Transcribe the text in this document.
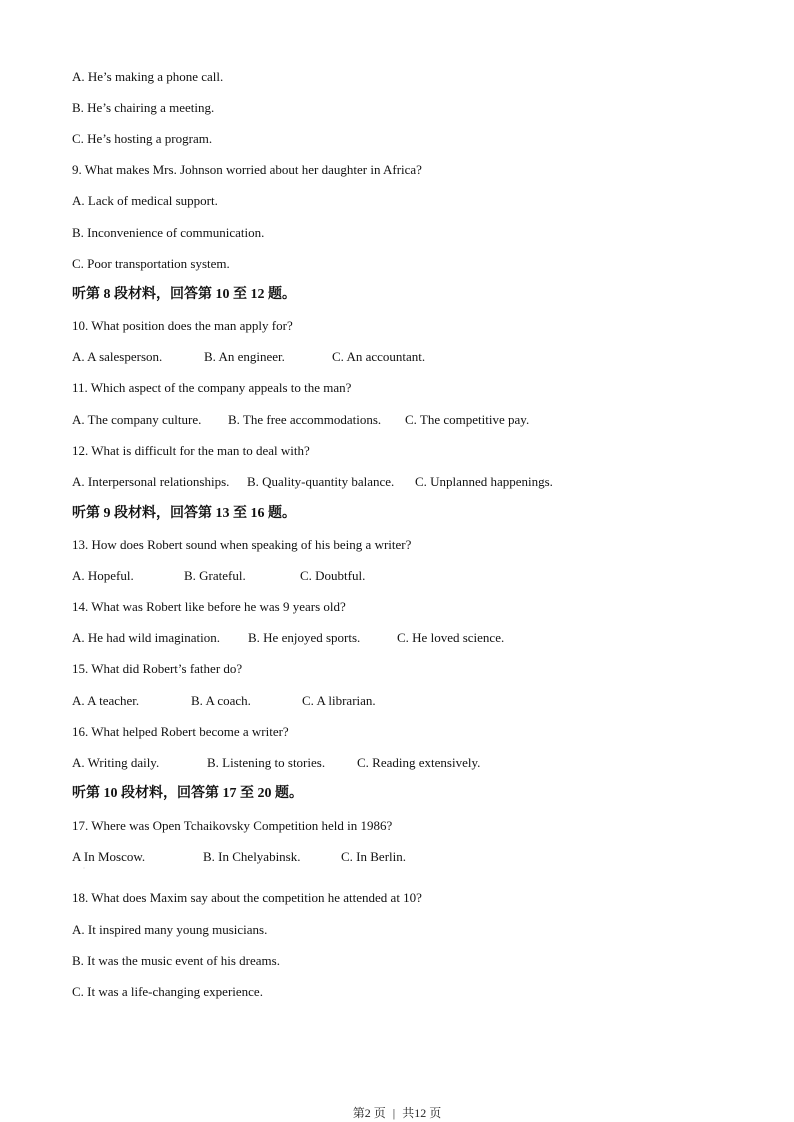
A. He’s making a phone call.
B. He’s chairing a meeting.
C. He’s hosting a program.
9. What makes Mrs. Johnson worried about her daughter in Africa?
A. Lack of medical support.
B. Inconvenience of communication.
C. Poor transportation system.
听第 8 段材料，回答第 10 至 12 题。
10. What position does the man apply for?
A. A salesperson.	B. An engineer.	C. An accountant.
11. Which aspect of the company appeals to the man?
A. The company culture. B. The free accommodations. C. The competitive pay.
12. What is difficult for the man to deal with?
A. Interpersonal relationships. B. Quality-quantity balance. C. Unplanned happenings.
听第 9 段材料，回答第 13 至 16 题。
13. How does Robert sound when speaking of his being a writer?
A. Hopeful.	B. Grateful.	C. Doubtful.
14. What was Robert like before he was 9 years old?
A. He had wild imagination. B. He enjoyed sports.	C. He loved science.
15. What did Robert’s father do?
A. A teacher.	B. A coach.	C. A librarian.
16. What helped Robert become a writer?
A. Writing daily.	B. Listening to stories. C. Reading extensively.
听第 10 段材料，回答第 17 至 20 题。
17. Where was Open Tchaikovsky Competition held in 1986?
A In Moscow.	B. In Chelyabinsk.	C. In Berlin.
ˈ
18. What does Maxim say about the competition he attended at 10?
A. It inspired many young musicians.
B. It was the music event of his dreams.
C. It was a life-changing experience.
第2 页 | 共12 页
